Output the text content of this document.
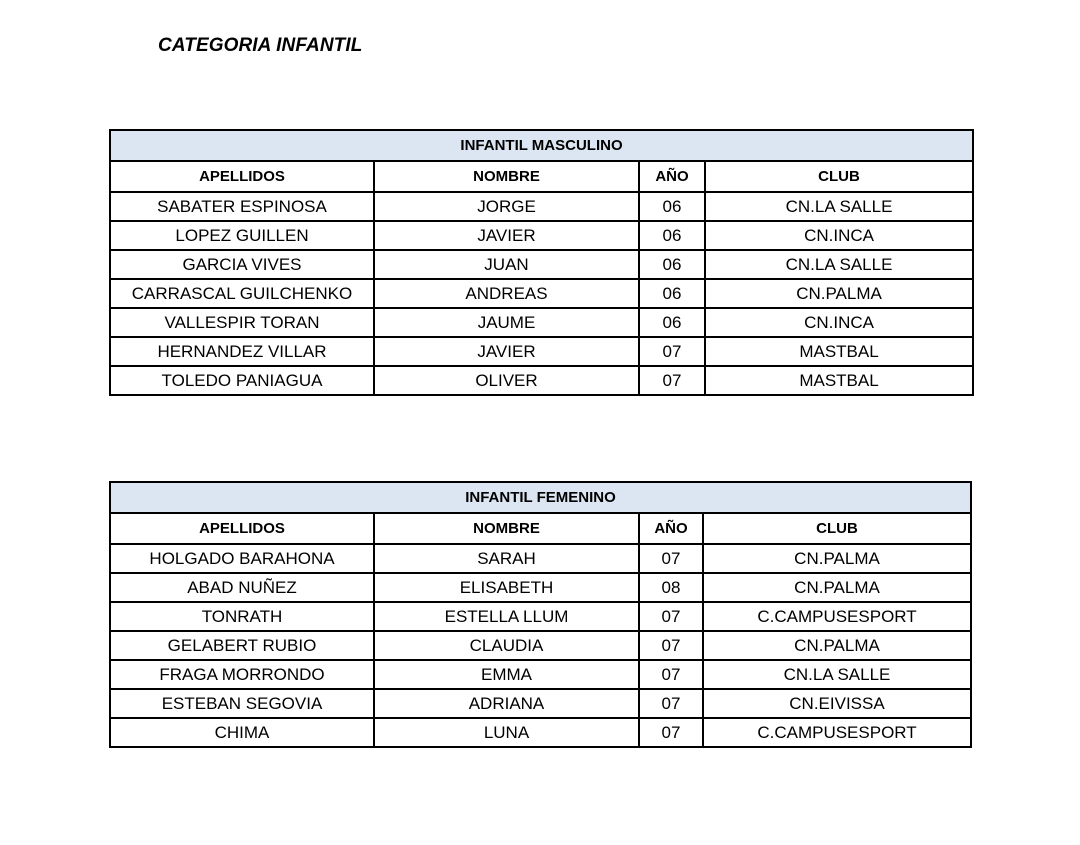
CATEGORIA INFANTIL
INFANTIL MASCULINO			
APELLIDOS	NOMBRE	AÑO	CLUB
SABATER ESPINOSA	JORGE	06	CN.LA SALLE
LOPEZ GUILLEN	JAVIER	06	CN.INCA
GARCIA VIVES	JUAN	06	CN.LA SALLE
CARRASCAL GUILCHENKO	ANDREAS	06	CN.PALMA
VALLESPIR TORAN	JAUME	06	CN.INCA
HERNANDEZ VILLAR	JAVIER	07	MASTBAL
TOLEDO PANIAGUA	OLIVER	07	MASTBAL
INFANTIL FEMENINO			
APELLIDOS	NOMBRE	AÑO	CLUB
HOLGADO BARAHONA	SARAH	07	CN.PALMA
ABAD NUÑEZ	ELISABETH	08	CN.PALMA
TONRATH	ESTELLA LLUM	07	C.CAMPUSESPORT
GELABERT RUBIO	CLAUDIA	07	CN.PALMA
FRAGA MORRONDO	EMMA	07	CN.LA SALLE
ESTEBAN SEGOVIA	ADRIANA	07	CN.EIVISSA
CHIMA	LUNA	07	C.CAMPUSESPORT
